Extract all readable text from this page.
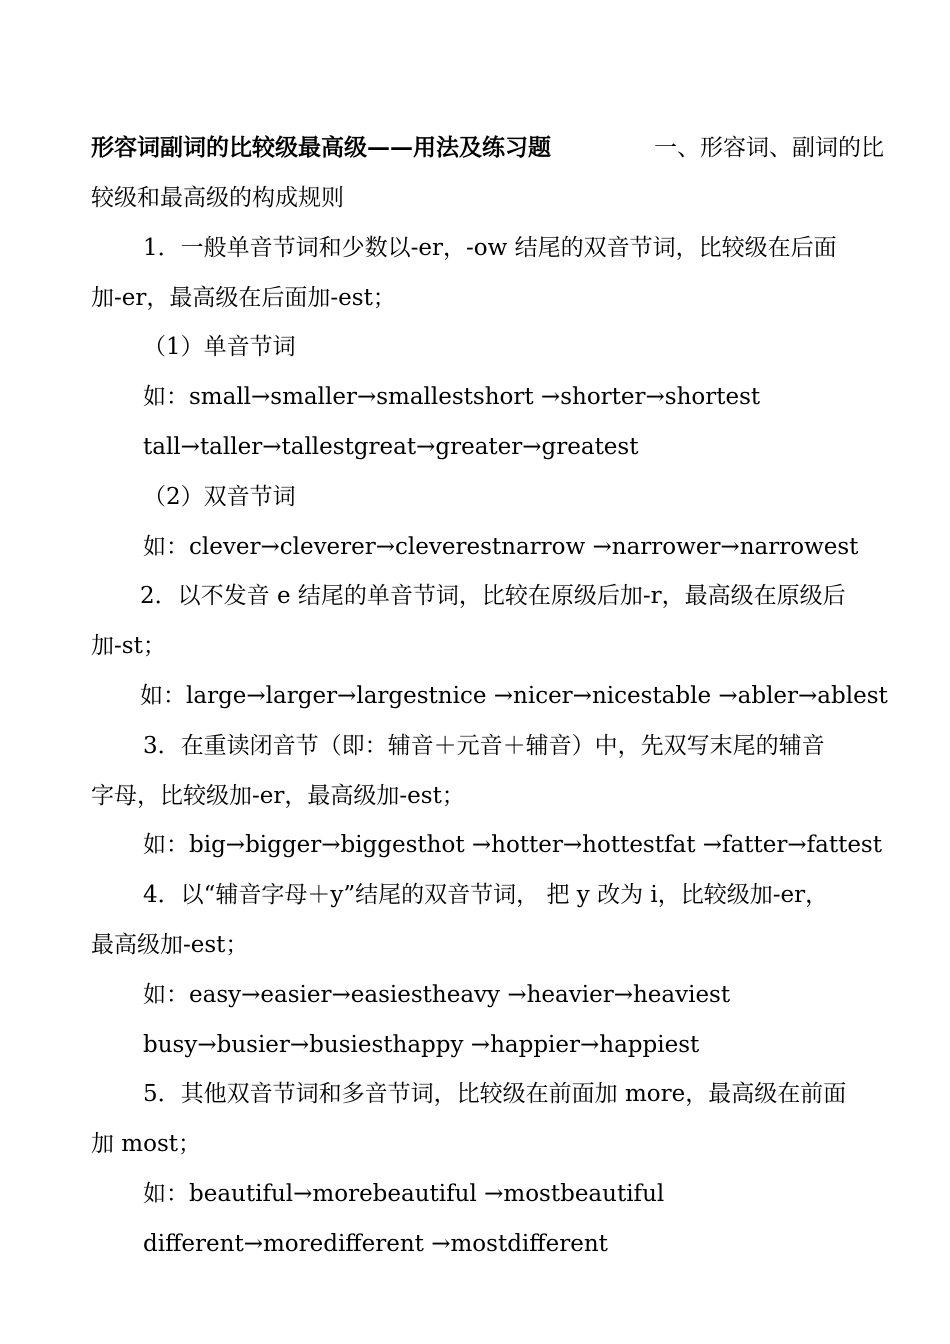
形容词副词的比较级最高级——用法及练习题	一、形容词、副词的比
较级和最高级的构成规则
1．一般单音节词和少数以-er，-ow 结尾的双音节词，比较级在后面
加-er，最高级在后面加-est；
（1）单音节词
如：small→smaller→smallestshort →shorter→shortest
tall→taller→tallestgreat→greater→greatest
（2）双音节词
如：clever→cleverer→cleverestnarrow →narrower→narrowest
2．以不发音 e 结尾的单音节词，比较在原级后加-r，最高级在原级后
加-st；
如：large→larger→largestnice →nicer→nicestable →abler→ablest
3．在重读闭音节（即：辅音＋元音＋辅音）中，先双写末尾的辅音
字母，比较级加-er，最高级加-est；
如：big→bigger→biggesthot →hotter→hottestfat →fatter→fattest
4．以“辅音字母＋y”结尾的双音节词， 把 y 改为 i，比较级加-er，
最高级加-est；
如：easy→easier→easiestheavy →heavier→heaviest
busy→busier→busiesthappy →happier→happiest
5．其他双音节词和多音节词，比较级在前面加 more，最高级在前面
加 most；
如：beautiful→morebeautiful →mostbeautiful
different→moredifferent →mostdifferent
